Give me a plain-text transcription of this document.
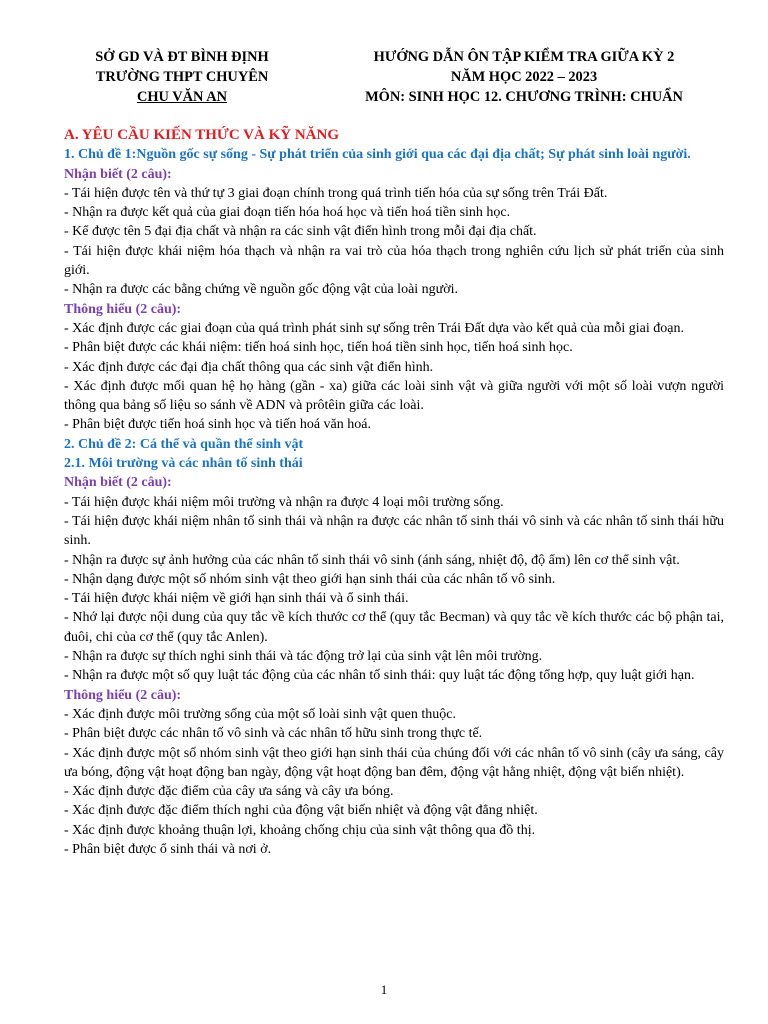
SỞ GD VÀ ĐT BÌNH ĐỊNH
TRƯỜNG THPT CHUYÊN
CHU VĂN AN
HƯỚNG DẪN ÔN TẬP KIỂM TRA GIỮA KỲ 2
NĂM HỌC 2022 – 2023
MÔN: SINH HỌC 12. CHƯƠNG TRÌNH: CHUẨN
A. YÊU CẦU KIẾN THỨC VÀ KỸ NĂNG
1. Chủ đề 1:Nguồn gốc sự sống - Sự phát triển của sinh giới qua các đại địa chất; Sự phát sinh loài người.
Nhận biết (2 câu):
- Tái hiện được tên và thứ tự 3 giai đoạn chính trong quá trình tiến hóa của sự sống trên Trái Đất.
- Nhận ra được kết quả của giai đoạn tiến hóa hoá học và tiến hoá tiền sinh học.
- Kể được tên 5 đại địa chất và nhận ra các sinh vật điển hình trong mỗi đại địa chất.
- Tái hiện được khái niệm hóa thạch và nhận ra vai trò của hóa thạch trong nghiên cứu lịch sử phát triển của sinh giới.
- Nhận ra được các bằng chứng về nguồn gốc động vật của loài người.
Thông hiểu (2 câu):
- Xác định được các giai đoạn của quá trình phát sinh sự sống trên Trái Đất dựa vào kết quả của mỗi giai đoạn.
- Phân biệt được các khái niệm: tiến hoá sinh học, tiến hoá tiền sinh học, tiến hoá sinh học.
- Xác định được các đại địa chất thông qua các sinh vật điển hình.
- Xác định được mối quan hệ họ hàng (gần - xa) giữa các loài sinh vật và giữa người với một số loài vượn người thông qua bảng số liệu so sánh về ADN và prôtêin giữa các loài.
- Phân biệt được tiến hoá sinh học và tiến hoá văn hoá.
2. Chủ đề 2: Cá thể và quần thể sinh vật
2.1. Môi trường và các nhân tố sinh thái
Nhận biết (2 câu):
- Tái hiện được khái niệm môi trường và nhận ra được 4 loại môi trường sống.
- Tái hiện được khái niệm nhân tố sinh thái và nhận ra được các nhân tố sinh thái vô sinh và các nhân tố sinh thái hữu sinh.
- Nhận ra được sự ảnh hưởng của các nhân tố sinh thái vô sinh (ánh sáng, nhiệt độ, độ ẩm) lên cơ thể sinh vật.
- Nhận dạng được một số nhóm sinh vật theo giới hạn sinh thái của các nhân tố vô sinh.
- Tái hiện được khái niệm về giới hạn sinh thái và ổ sinh thái.
- Nhớ lại được nội dung của quy tắc về kích thước cơ thể (quy tắc Becman) và quy tắc về kích thước các bộ phận tai, đuôi, chi của cơ thể (quy tắc Anlen).
- Nhận ra được sự thích nghi sinh thái và tác động trở lại của sinh vật lên môi trường.
- Nhận ra được một số quy luật tác động của các nhân tố sinh thái: quy luật tác động tổng hợp, quy luật giới hạn.
Thông hiểu (2 câu):
- Xác định được môi trường sống của một số loài sinh vật quen thuộc.
- Phân biệt được các nhân tố vô sinh và các nhân tố hữu sinh trong thực tế.
- Xác định được một số nhóm sinh vật theo giới hạn sinh thái của chúng đối với các nhân tố vô sinh (cây ưa sáng, cây ưa bóng, động vật hoạt động ban ngày, động vật hoạt động ban đêm, động vật hằng nhiệt, động vật biến nhiệt).
- Xác định được đặc điểm của cây ưa sáng và cây ưa bóng.
- Xác định được đặc điểm thích nghi của động vật biến nhiệt và động vật đẳng nhiệt.
- Xác định được khoảng thuận lợi, khoảng chống chịu của sinh vật thông qua đồ thị.
- Phân biệt được ổ sinh thái và nơi ở.
1
